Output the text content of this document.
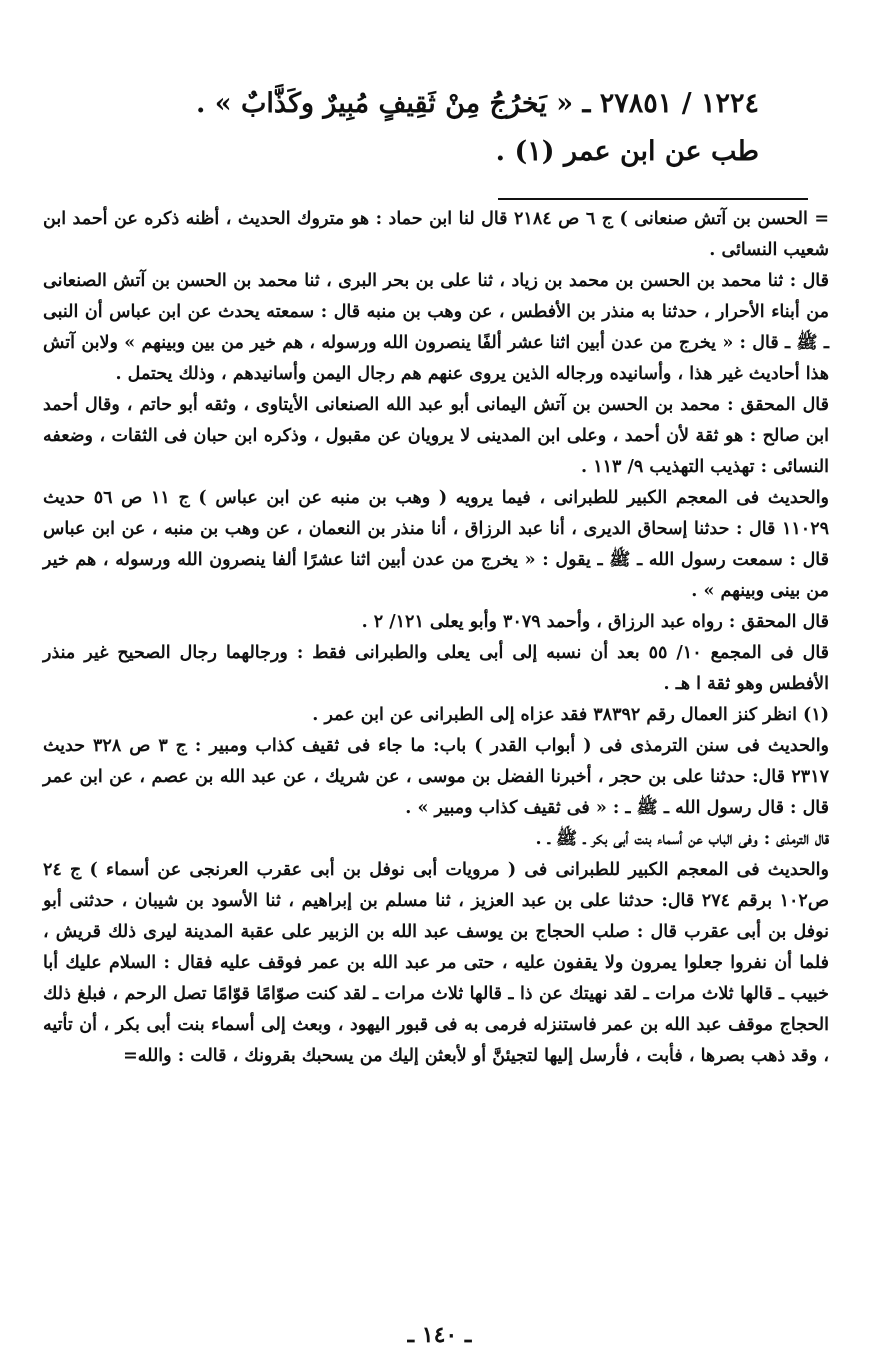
١٢٢٤ / ٢٧٨٥١ ـ « يَخرُجُ مِنْ ثَقِيفٍ مُبِيرٌ وكَذَّابٌ » .
طب عن ابن عمر (١) .

= الحسن بن آتش صنعانى ) ج ٦ ص ٢١٨٤ قال لنا ابن حماد : هو متروك الحديث ، أظنه ذكره عن أحمد ابن شعيب النسائى .

قال : ثنا محمد بن الحسن بن محمد بن زياد ، ثنا على بن بحر البرى ، ثنا محمد بن الحسن بن آتش الصنعانى من أبناء الأحرار ، حدثنا به منذر بن الأفطس ، عن وهب بن منبه قال : سمعته يحدث عن ابن عباس أن النبى ـ ﷺ ـ قال : « يخرج من عدن أبين اثنا عشر ألفًا ينصرون الله ورسوله ، هم خير من بين وبينهم » ولابن آتش هذا أحاديث غير هذا ، وأسانيده ورجاله الذين يروى عنهم هم رجال اليمن وأسانيدهم ، وذلك يحتمل .

قال المحقق : محمد بن الحسن بن آتش اليمانى أبو عبد الله الصنعانى الأيتاوى ، وثقه أبو حاتم ، وقال أحمد ابن صالح : هو ثقة لأن أحمد ، وعلى ابن المدينى لا يرويان عن مقبول ، وذكره ابن حبان فى الثقات ، وضعفه النسائى : تهذيب التهذيب ٩/ ١١٣ .

والحديث فى المعجم الكبير للطبرانى ، فيما يرويه ( وهب بن منبه عن ابن عباس ) ج ١١ ص ٥٦ حديث ١١٠٢٩ قال : حدثنا إسحاق الديرى ، أنا عبد الرزاق ، أنا منذر بن النعمان ، عن وهب بن منبه ، عن ابن عباس قال : سمعت رسول الله ـ ﷺ ـ يقول : « يخرج من عدن أبين اثنا عشرًا ألفا ينصرون الله ورسوله ، هم خير من بينى وبينهم » .

قال المحقق : رواه عبد الرزاق ، وأحمد ٣٠٧٩ وأبو يعلى ١٢١/ ٢ .

قال فى المجمع ١٠/ ٥٥ بعد أن نسبه إلى أبى يعلى والطبرانى فقط : ورجالهما رجال الصحيح غير منذر الأفطس وهو ثقة ا هـ .

(١) انظر كنز العمال رقم ٣٨٣٩٢ فقد عزاه إلى الطبرانى عن ابن عمر .

والحديث فى سنن الترمذى فى ( أبواب القدر ) باب: ما جاء فى ثقيف كذاب ومبير : ج ٣ ص ٣٢٨ حديث ٢٣١٧ قال: حدثنا على بن حجر ، أخبرنا الفضل بن موسى ، عن شريك ، عن عبد الله بن عصم ، عن ابن عمر قال : قال رسول الله ـ ﷺ ـ : « فى ثقيف كذاب ومبير » .

قال الترمذى : وفى الباب عن أسماء بنت أبى بكر ـ ﷺ ـ .

والحديث فى المعجم الكبير للطبرانى فى ( مرويات أبى نوفل بن أبى عقرب العرنجى عن أسماء ) ج ٢٤ ص١٠٢ برقم ٢٧٤ قال: حدثنا على بن عبد العزيز ، ثنا مسلم بن إبراهيم ، ثنا الأسود بن شيبان ، حدثنى أبو نوفل بن أبى عقرب قال : صلب الحجاج بن يوسف عبد الله بن الزبير على عقبة المدينة ليرى ذلك قريش ، فلما أن نفروا جعلوا يمرون ولا يقفون عليه ، حتى مر عبد الله بن عمر فوقف عليه فقال : السلام عليك أبا خبيب ـ قالها ثلاث مرات ـ لقد نهيتك عن ذا ـ قالها ثلاث مرات ـ لقد كنت صوّامًا قوّامًا تصل الرحم ، فبلغ ذلك الحجاج موقف عبد الله بن عمر فاستنزله فرمى به فى قبور اليهود ، وبعث إلى أسماء بنت أبى بكر ، أن تأتيه ، وقد ذهب بصرها ، فأبت ، فأرسل إليها لتجيئنَّ أو لأبعثن إليك من يسحبك بقرونك ، قالت : والله=

ـ ١٤٠ ـ
